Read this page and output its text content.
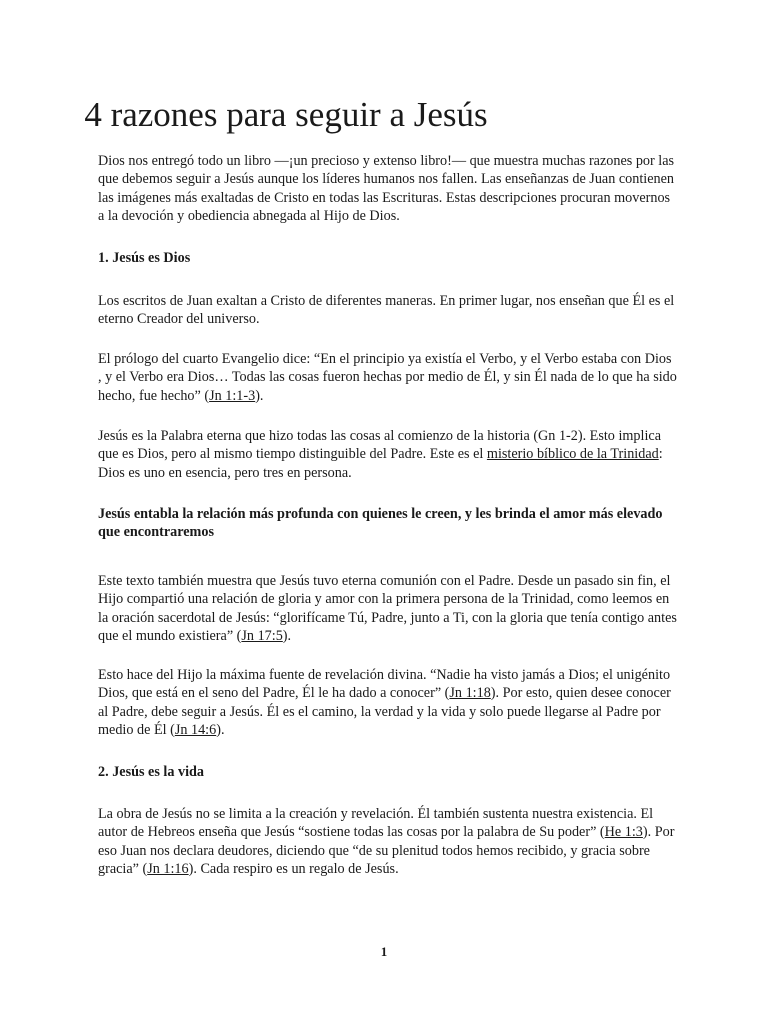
4 razones para seguir a Jesús

Dios nos entregó todo un libro —¡un precioso y extenso libro!— que muestra muchas razones por las que debemos seguir a Jesús aunque los líderes humanos nos fallen. Las enseñanzas de Juan contienen las imágenes más exaltadas de Cristo en todas las Escrituras. Estas descripciones procuran movernos a la devoción y obediencia abnegada al Hijo de Dios.

1. Jesús es Dios

Los escritos de Juan exaltan a Cristo de diferentes maneras. En primer lugar, nos enseñan que Él es el eterno Creador del universo.

El prólogo del cuarto Evangelio dice: “En el principio ya existía el Verbo, y el Verbo estaba con Dios , y el Verbo era Dios… Todas las cosas fueron hechas por medio de Él, y sin Él nada de lo que ha sido hecho, fue hecho” (Jn 1:1-3).

Jesús es la Palabra eterna que hizo todas las cosas al comienzo de la historia (Gn 1-2). Esto implica que es Dios, pero al mismo tiempo distinguible del Padre. Este es el misterio bíblico de la Trinidad: Dios es uno en esencia, pero tres en persona.

Jesús entabla la relación más profunda con quienes le creen, y les brinda el amor más elevado que encontraremos

Este texto también muestra que Jesús tuvo eterna comunión con el Padre. Desde un pasado sin fin, el Hijo compartió una relación de gloria y amor con la primera persona de la Trinidad, como leemos en la oración sacerdotal de Jesús: “glorifícame Tú, Padre, junto a Ti, con la gloria que tenía contigo antes que el mundo existiera” (Jn 17:5).

Esto hace del Hijo la máxima fuente de revelación divina. “Nadie ha visto jamás a Dios; el unigénito Dios, que está en el seno del Padre, Él le ha dado a conocer” (Jn 1:18). Por esto, quien desee conocer al Padre, debe seguir a Jesús. Él es el camino, la verdad y la vida y solo puede llegarse al Padre por medio de Él (Jn 14:6).

2. Jesús es la vida

La obra de Jesús no se limita a la creación y revelación. Él también sustenta nuestra existencia. El autor de Hebreos enseña que Jesús “sostiene todas las cosas por la palabra de Su poder” (He 1:3). Por eso Juan nos declara deudores, diciendo que “de su plenitud todos hemos recibido, y gracia sobre gracia” (Jn 1:16). Cada respiro es un regalo de Jesús.

1
